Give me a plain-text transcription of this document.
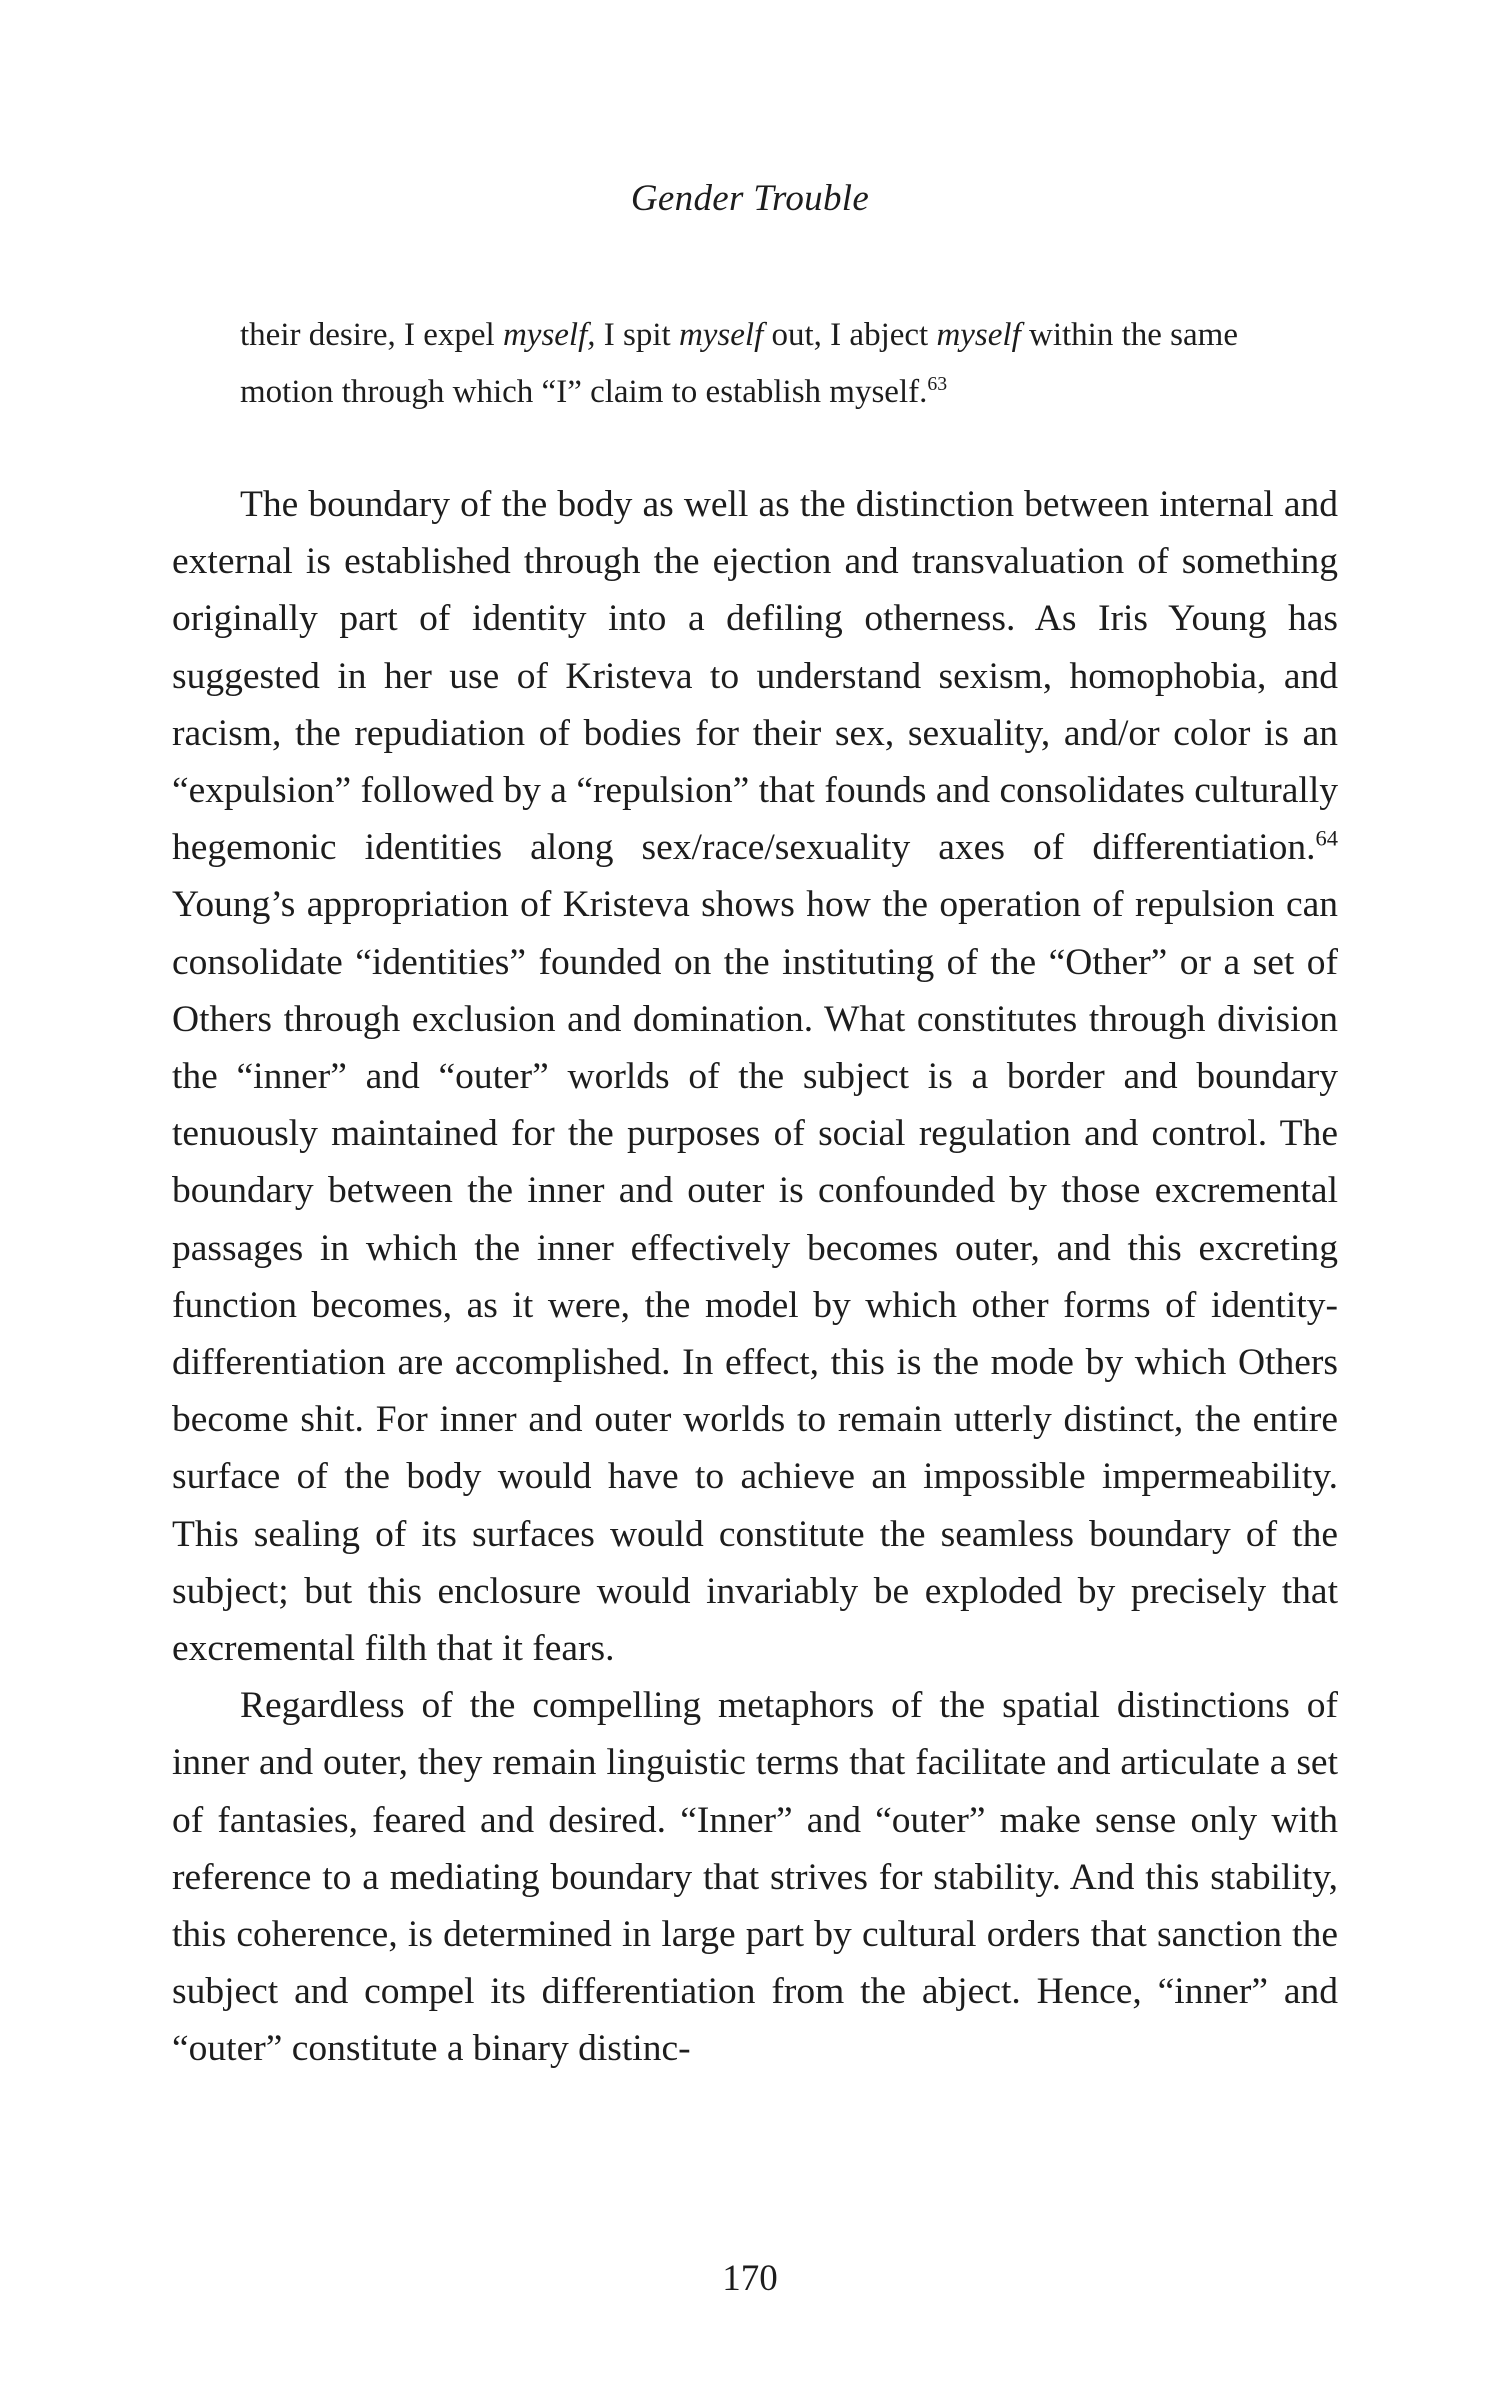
Gender Trouble
their desire, I expel myself, I spit myself out, I abject myself within the same motion through which “I” claim to establish myself.$^{63}$

The boundary of the body as well as the distinction between internal and external is established through the ejection and transvaluation of something originally part of identity into a defiling otherness. As Iris Young has suggested in her use of Kristeva to understand sexism, homophobia, and racism, the repudiation of bodies for their sex, sexuality, and/or color is an “expulsion” followed by a “repulsion” that founds and consolidates culturally hegemonic identities along sex/race/sexuality axes of differentiation.$^{64}$ Young’s appropriation of Kristeva shows how the operation of repulsion can consolidate “identities” founded on the instituting of the “Other” or a set of Others through exclusion and domination. What constitutes through division the “inner” and “outer” worlds of the subject is a border and boundary tenuously maintained for the purposes of social regulation and control. The boundary between the inner and outer is confounded by those excremental passages in which the inner effectively becomes outer, and this excreting function becomes, as it were, the model by which other forms of identity-differentiation are accomplished. In effect, this is the mode by which Others become shit. For inner and outer worlds to remain utterly distinct, the entire surface of the body would have to achieve an impossible impermeability. This sealing of its surfaces would constitute the seamless boundary of the subject; but this enclosure would invariably be exploded by precisely that excremental filth that it fears.

Regardless of the compelling metaphors of the spatial distinctions of inner and outer, they remain linguistic terms that facilitate and articulate a set of fantasies, feared and desired. “Inner” and “outer” make sense only with reference to a mediating boundary that strives for stability. And this stability, this coherence, is determined in large part by cultural orders that sanction the subject and compel its differentiation from the abject. Hence, “inner” and “outer” constitute a binary distinc-

170
